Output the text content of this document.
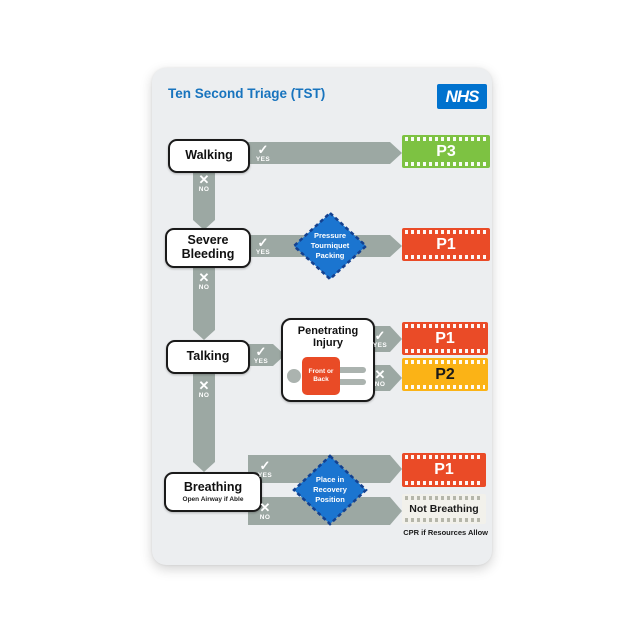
Ten Second Triage (TST)	NHS
Walking ✓
YES	P3
✕
NO
Severe Bleeding
✓
YES
Pressure
Tourniquet
Packing
P1
✕
NO
Talking ✓
YES
Penetrating Injury
Front or Back
✓
YES	P1
✕
NO
P2
✕
NO
Breathing
Open Airway if Able
✓
YES
✕
NO
Place in
Recovery
Position
P1
Not Breathing
CPR if Resources Allow
